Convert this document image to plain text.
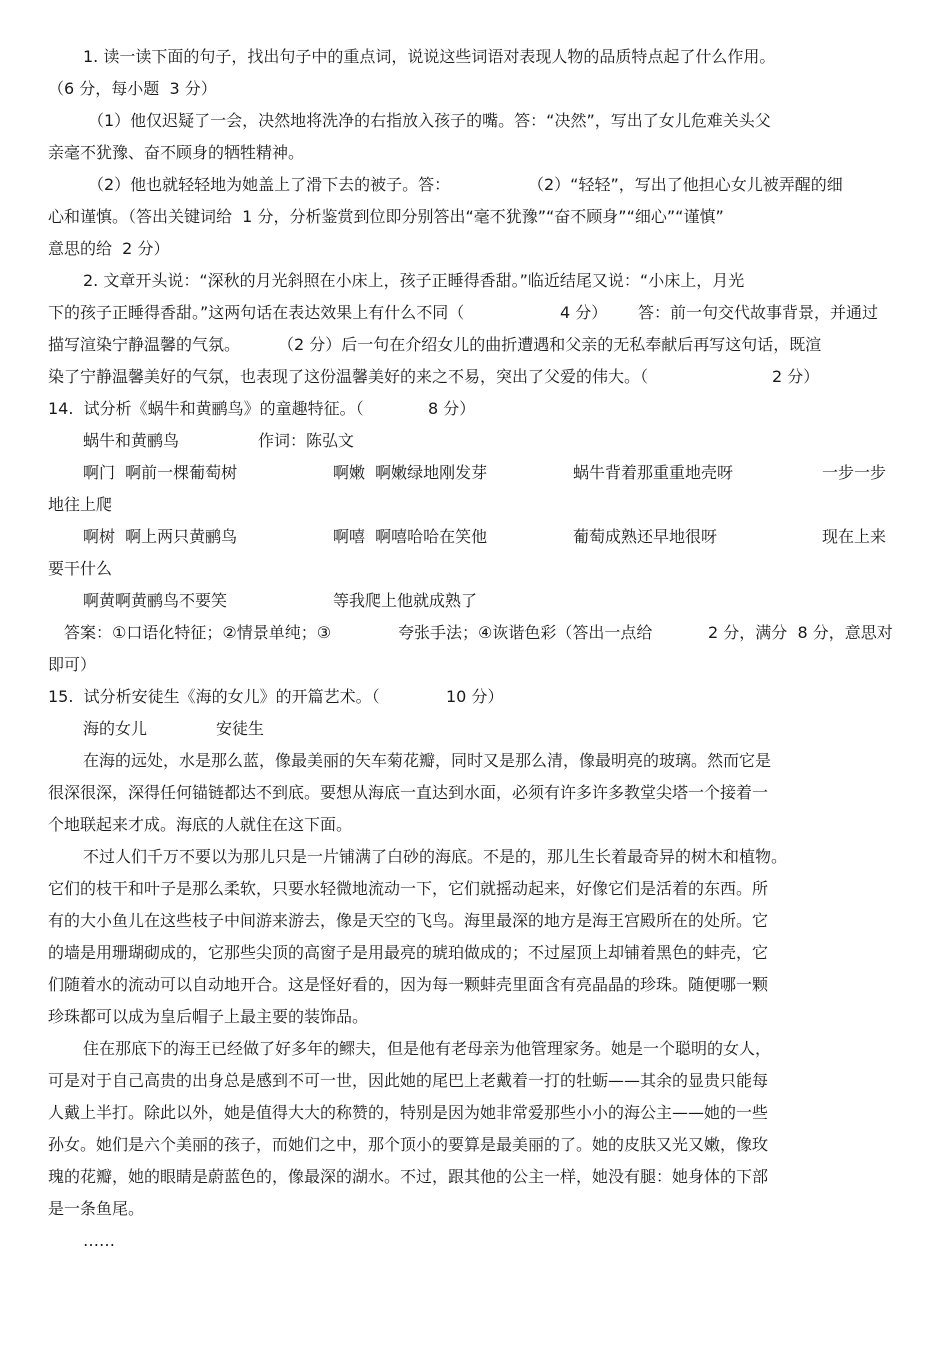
1. 读一读下面的句子，找出句子中的重点词，说说这些词语对表现人物的品质特点起了什么作用。
（6 分，每小题  3 分）
（1）他仅迟疑了一会，决然地将洗净的右指放入孩子的嘴。答：“决然”，写出了女儿危难关头父
亲毫不犹豫、奋不顾身的牺牲精神。
（2）他也就轻轻地为她盖上了滑下去的被子。答：	（2）“轻轻”，写出了他担心女儿被弄醒的细
心和谨慎。（答出关键词给  1 分，分析鉴赏到位即分别答出“毫不犹豫”“奋不顾身”“细心”“谨慎”
意思的给  2 分）
2. 文章开头说：“深秋的月光斜照在小床上，孩子正睡得香甜。”临近结尾又说：“小床上，月光
下的孩子正睡得香甜。”这两句话在表达效果上有什么不同（	4 分） 答：前一句交代故事背景，并通过
描写渲染宁静温馨的气氛。 （2 分）后一句在介绍女儿的曲折遭遇和父亲的无私奉献后再写这句话，既渲
染了宁静温馨美好的气氛，也表现了这份温馨美好的来之不易，突出了父爱的伟大。（	2 分）
14.  试分析《蜗牛和黄鹂鸟》的童趣特征。（	8 分）
蜗牛和黄鹂鸟	作词：陈弘文
啊门  啊前一棵葡萄树	啊嫩  啊嫩绿地刚发芽	蜗牛背着那重重地壳呀	一步一步
地往上爬
啊树  啊上两只黄鹂鸟	啊嘻  啊嘻哈哈在笑他	葡萄成熟还早地很呀	现在上来
要干什么
啊黄啊黄鹂鸟不要笑	等我爬上他就成熟了
答案：①口语化特征；②情景单纯；③	夸张手法；④诙谐色彩（答出一点给	2 分，满分  8 分，意思对
即可）
15.  试分析安徒生《海的女儿》的开篇艺术。（	10 分）
海的女儿	安徒生
在海的远处，水是那么蓝，像最美丽的矢车菊花瓣，同时又是那么清，像最明亮的玻璃。然而它是
很深很深，深得任何锚链都达不到底。要想从海底一直达到水面，必须有许多许多教堂尖塔一个接着一
个地联起来才成。海底的人就住在这下面。
不过人们千万不要以为那儿只是一片铺满了白砂的海底。不是的，那儿生长着最奇异的树木和植物。
它们的枝干和叶子是那么柔软，只要水轻微地流动一下，它们就摇动起来，好像它们是活着的东西。所
有的大小鱼儿在这些枝子中间游来游去，像是天空的飞鸟。海里最深的地方是海王宫殿所在的处所。它
的墙是用珊瑚砌成的，它那些尖顶的高窗子是用最亮的琥珀做成的；不过屋顶上却铺着黑色的蚌壳，它
们随着水的流动可以自动地开合。这是怪好看的，因为每一颗蚌壳里面含有亮晶晶的珍珠。随便哪一颗
珍珠都可以成为皇后帽子上最主要的装饰品。
住在那底下的海王已经做了好多年的鳏夫，但是他有老母亲为他管理家务。她是一个聪明的女人，
可是对于自己高贵的出身总是感到不可一世，因此她的尾巴上老戴着一打的牡蛎——其余的显贵只能每
人戴上半打。除此以外，她是值得大大的称赞的，特别是因为她非常爱那些小小的海公主——她的一些
孙女。她们是六个美丽的孩子，而她们之中，那个顶小的要算是最美丽的了。她的皮肤又光又嫩，像玫
瑰的花瓣，她的眼睛是蔚蓝色的，像最深的湖水。不过，跟其他的公主一样，她没有腿：她身体的下部
是一条鱼尾。
……
